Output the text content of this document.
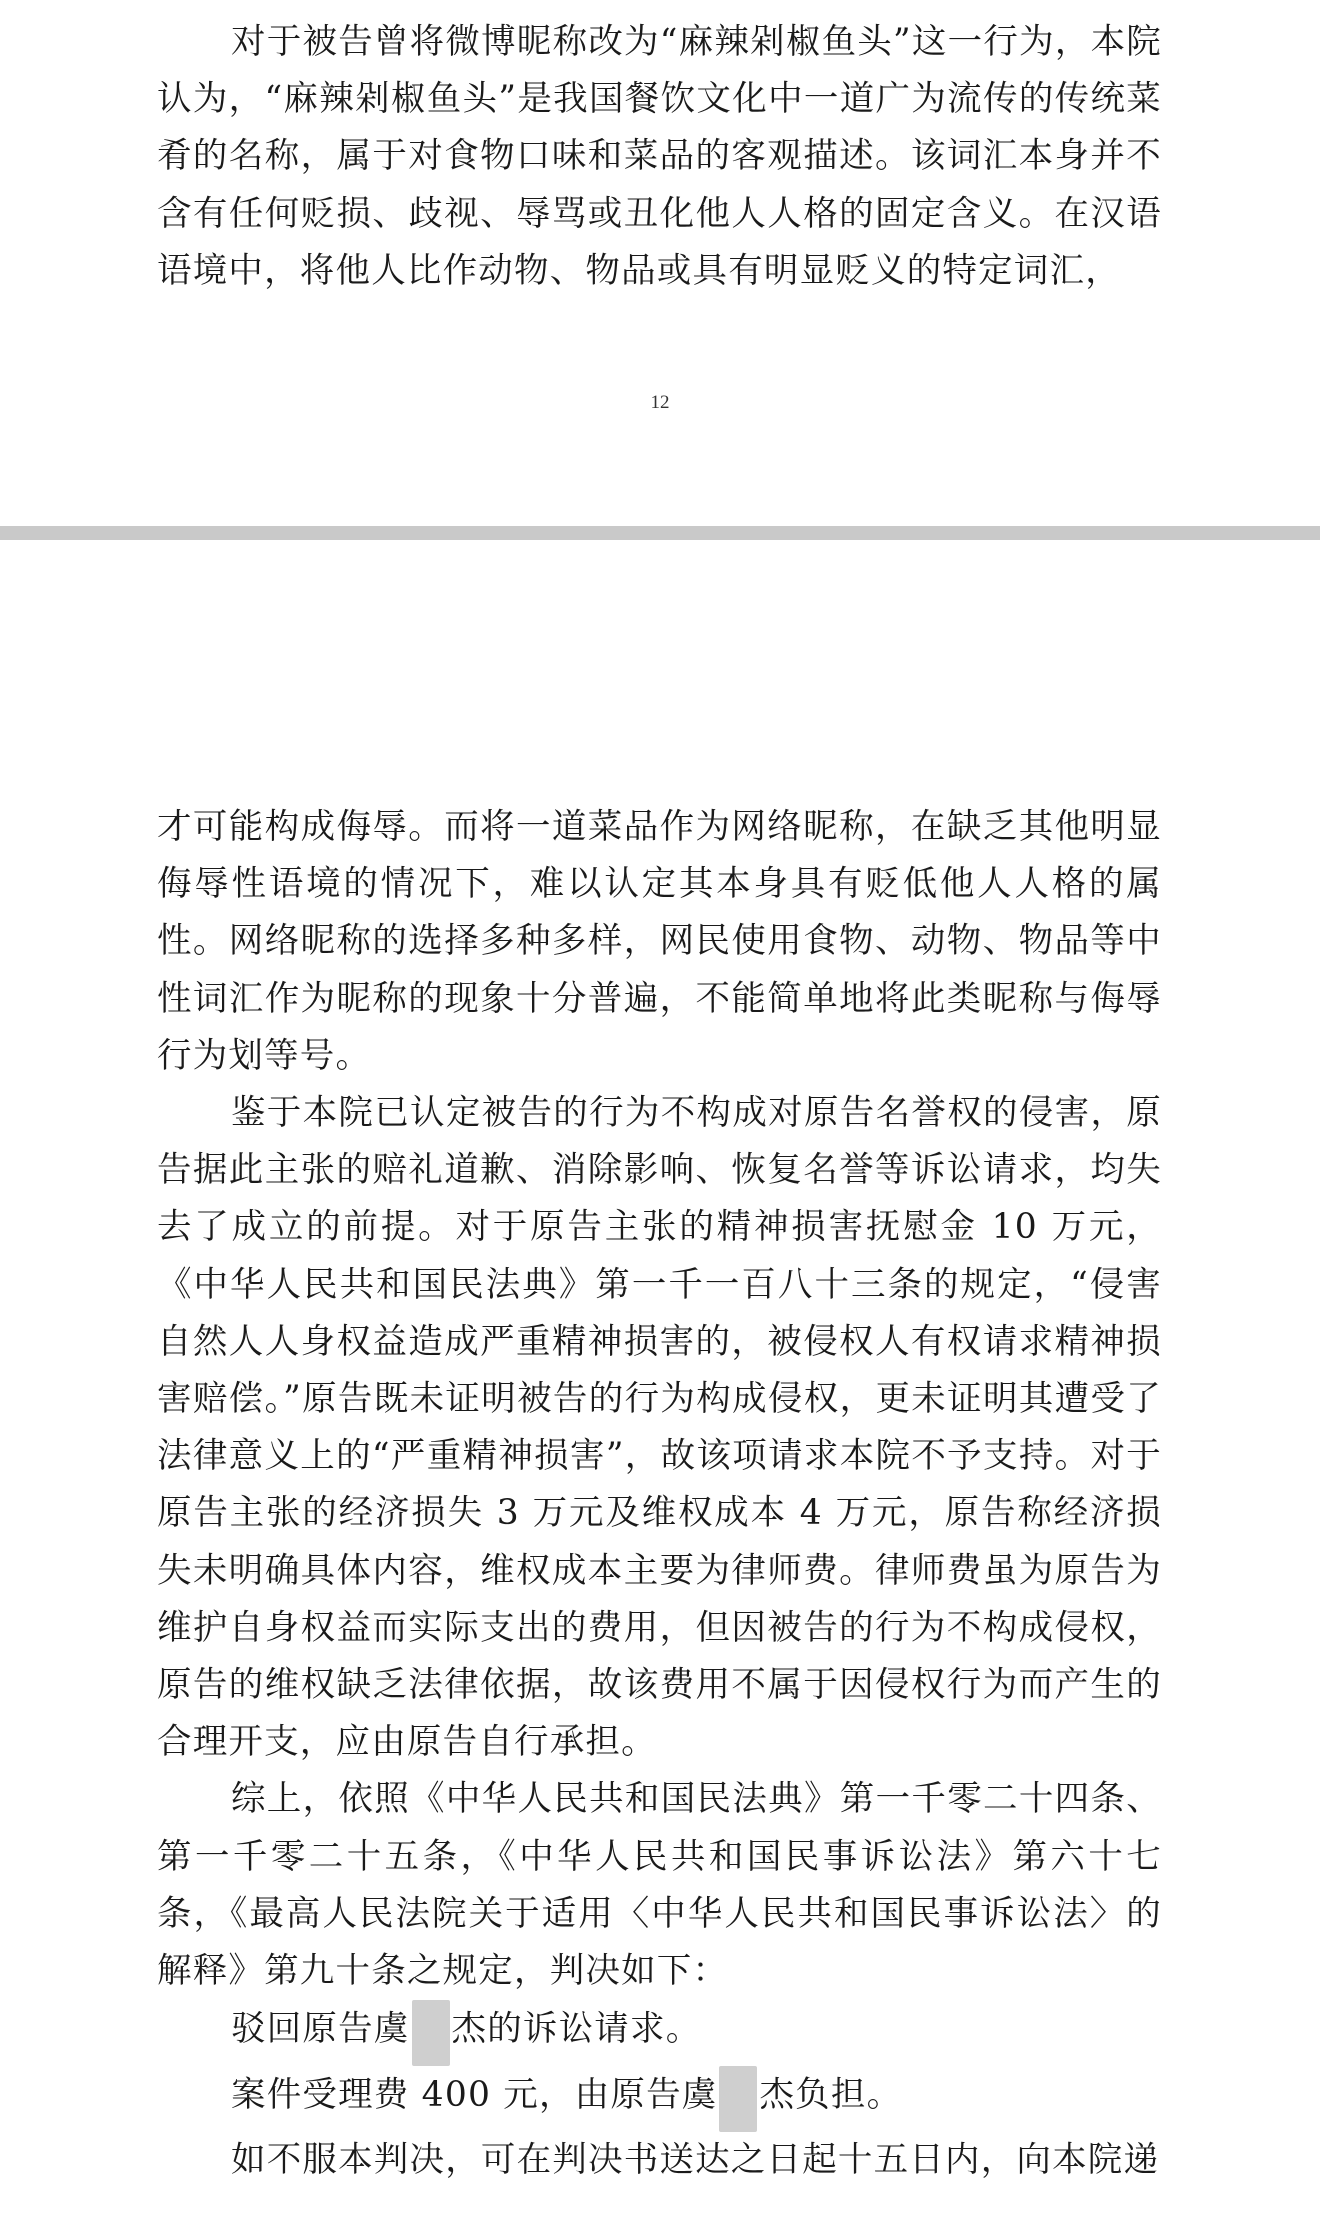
对于被告曾将微博昵称改为“麻辣剁椒鱼头”这一行为，本院认为，“麻辣剁椒鱼头”是我国餐饮文化中一道广为流传的传统菜肴的名称，属于对食物口味和菜品的客观描述。该词汇本身并不含有任何贬损、歧视、辱骂或丑化他人人格的固定含义。在汉语语境中，将他人比作动物、物品或具有明显贬义的特定词汇，

12

才可能构成侮辱。而将一道菜品作为网络昵称，在缺乏其他明显侮辱性语境的情况下，难以认定其本身具有贬低他人人格的属性。网络昵称的选择多种多样，网民使用食物、动物、物品等中性词汇作为昵称的现象十分普遍，不能简单地将此类昵称与侮辱行为划等号。

鉴于本院已认定被告的行为不构成对原告名誉权的侵害，原告据此主张的赔礼道歉、消除影响、恢复名誉等诉讼请求，均失去了成立的前提。对于原告主张的精神损害抚慰金 10 万元，《中华人民共和国民法典》第一千一百八十三条的规定，“侵害自然人人身权益造成严重精神损害的，被侵权人有权请求精神损害赔偿。”原告既未证明被告的行为构成侵权，更未证明其遭受了法律意义上的“严重精神损害”，故该项请求本院不予支持。对于原告主张的经济损失 3 万元及维权成本 4 万元，原告称经济损失未明确具体内容，维权成本主要为律师费。律师费虽为原告为维护自身权益而实际支出的费用，但因被告的行为不构成侵权，原告的维权缺乏法律依据，故该费用不属于因侵权行为而产生的合理开支，应由原告自行承担。

综上，依照《中华人民共和国民法典》第一千零二十四条、第一千零二十五条，《中华人民共和国民事诉讼法》第六十七条，《最高人民法院关于适用〈中华人民共和国民事诉讼法〉的解释》第九十条之规定，判决如下：

驳回原告虞 杰的诉讼请求。

案件受理费 400 元，由原告虞 杰负担。

如不服本判决，可在判决书送达之日起十五日内，向本院递
